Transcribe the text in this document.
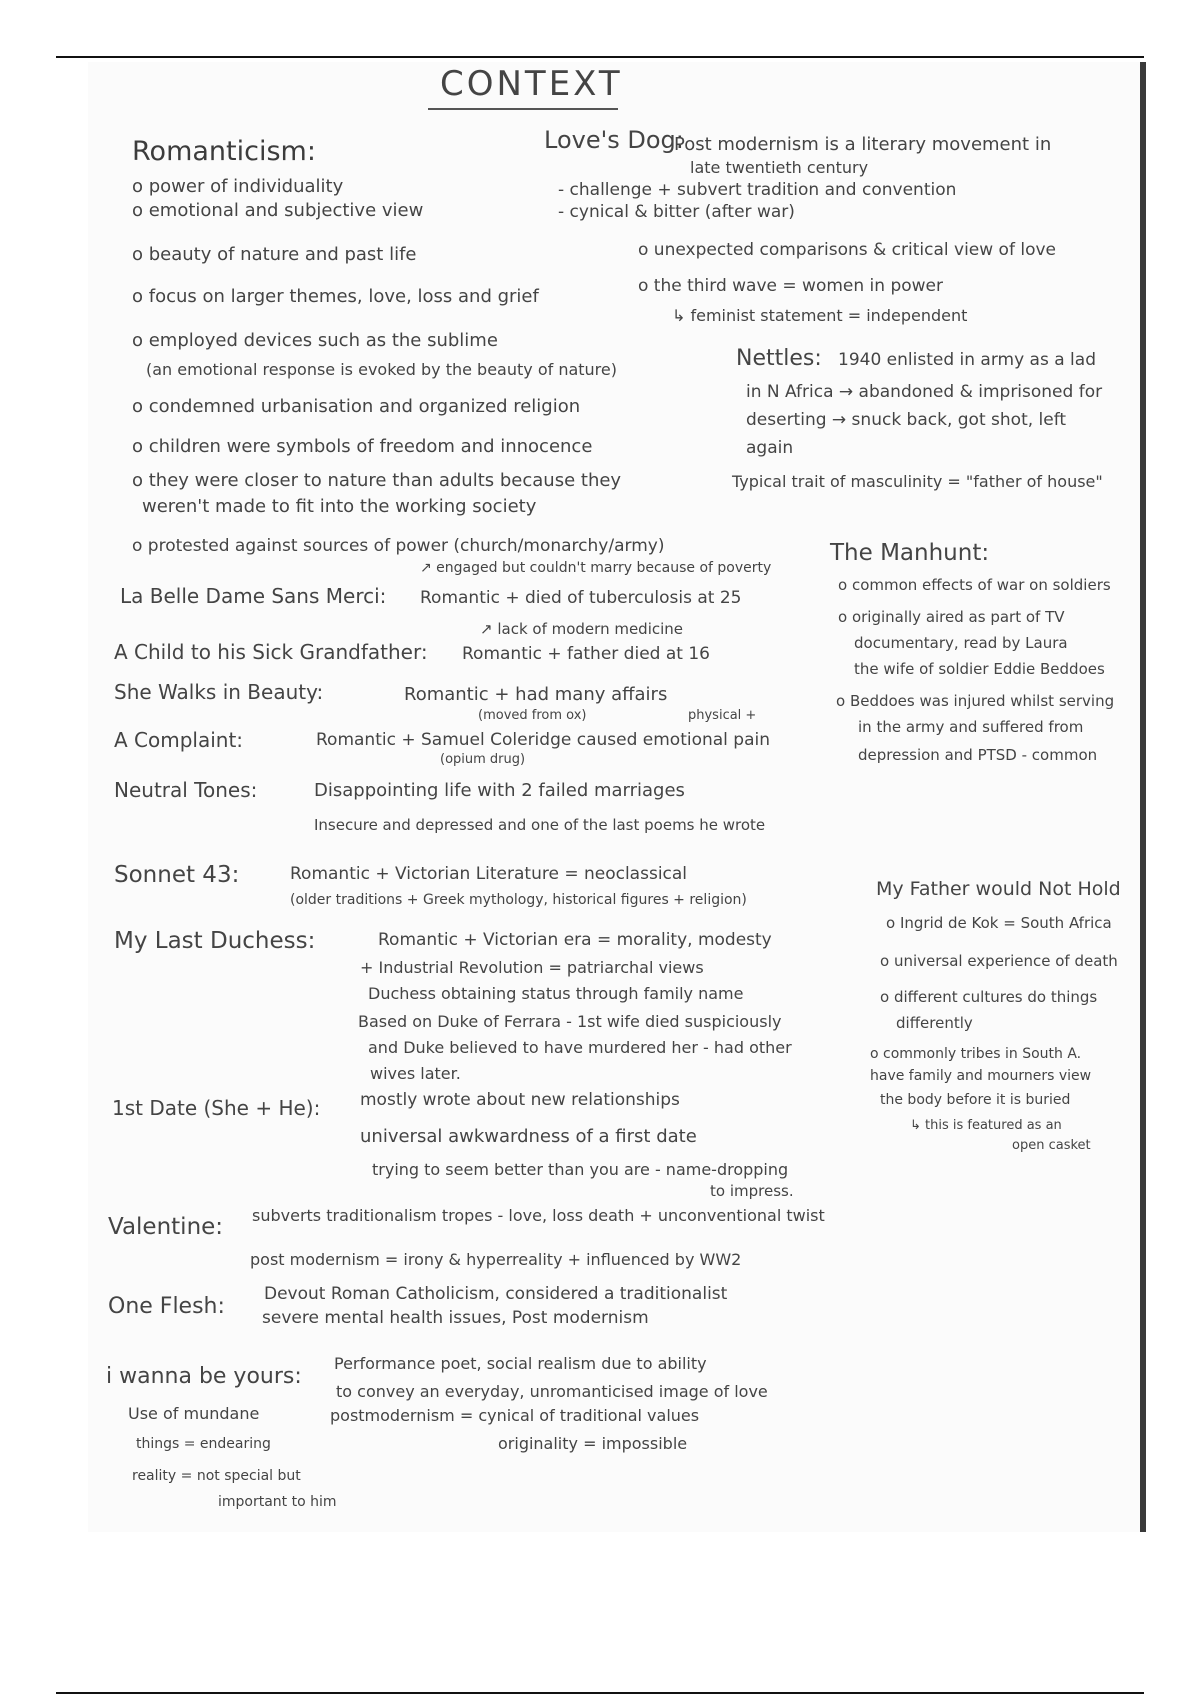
CONTEXT
Romanticism:
o power of individuality
o emotional and subjective view
o beauty of nature and past life
o focus on larger themes, love, loss and grief
o employed devices such as the sublime
(an emotional response is evoked by the beauty of nature)
o condemned urbanisation and organized religion
o children were symbols of freedom and innocence
o they were closer to nature than adults because they
weren't made to fit into the working society
o protested against sources of power (church/monarchy/army)
Love's Dog:
Post modernism is a literary movement in
late twentieth century
- challenge + subvert tradition and convention
- cynical & bitter (after war)
o unexpected comparisons & critical view of love
o the third wave = women in power
↳ feminist statement = independent
Nettles: 1940 enlisted in army as a lad
in N Africa → abandoned & imprisoned for
deserting → snuck back, got shot, left
again
Typical trait of masculinity = "father of house"
The Manhunt:
o common effects of war on soldiers
o originally aired as part of TV
documentary, read by Laura
the wife of soldier Eddie Beddoes
o Beddoes was injured whilst serving
in the army and suffered from
depression and PTSD - common
↗ engaged but couldn't marry because of poverty
La Belle Dame Sans Merci: Romantic + died of tuberculosis at 25
↗ lack of modern medicine
A Child to his Sick Grandfather: Romantic + father died at 16
She Walks in Beauty:	Romantic + had many affairs
(moved from ox)	physical +
A Complaint:	Romantic + Samuel Coleridge caused emotional pain
(opium drug)
Neutral Tones:	Disappointing life with 2 failed marriages
Insecure and depressed and one of the last poems he wrote
Sonnet 43:	Romantic + Victorian Literature = neoclassical
(older traditions + Greek mythology, historical figures + religion)	My Father would Not Hold
o Ingrid de Kok = South Africa
o universal experience of death
o different cultures do things
differently
o commonly tribes in South A.
have family and mourners view
the body before it is buried
↳ this is featured as an
open casket
My Last Duchess:	Romantic + Victorian era = morality, modesty
+ Industrial Revolution = patriarchal views
Duchess obtaining status through family name
Based on Duke of Ferrara - 1st wife died suspiciously
and Duke believed to have murdered her - had other
wives later.
1st Date (She + He): mostly wrote about new relationships
universal awkwardness of a first date
trying to seem better than you are - name-dropping
to impress.
Valentine: subverts traditionalism tropes - love, loss death + unconventional twist
post modernism = irony & hyperreality + influenced by WW2
One Flesh: Devout Roman Catholicism, considered a traditionalist
severe mental health issues, Post modernism
i wanna be yours:
Performance poet, social realism due to ability
to convey an everyday, unromanticised image of love
postmodernism = cynical of traditional values
originality = impossible
Use of mundane
things = endearing
reality = not special but
important to him
